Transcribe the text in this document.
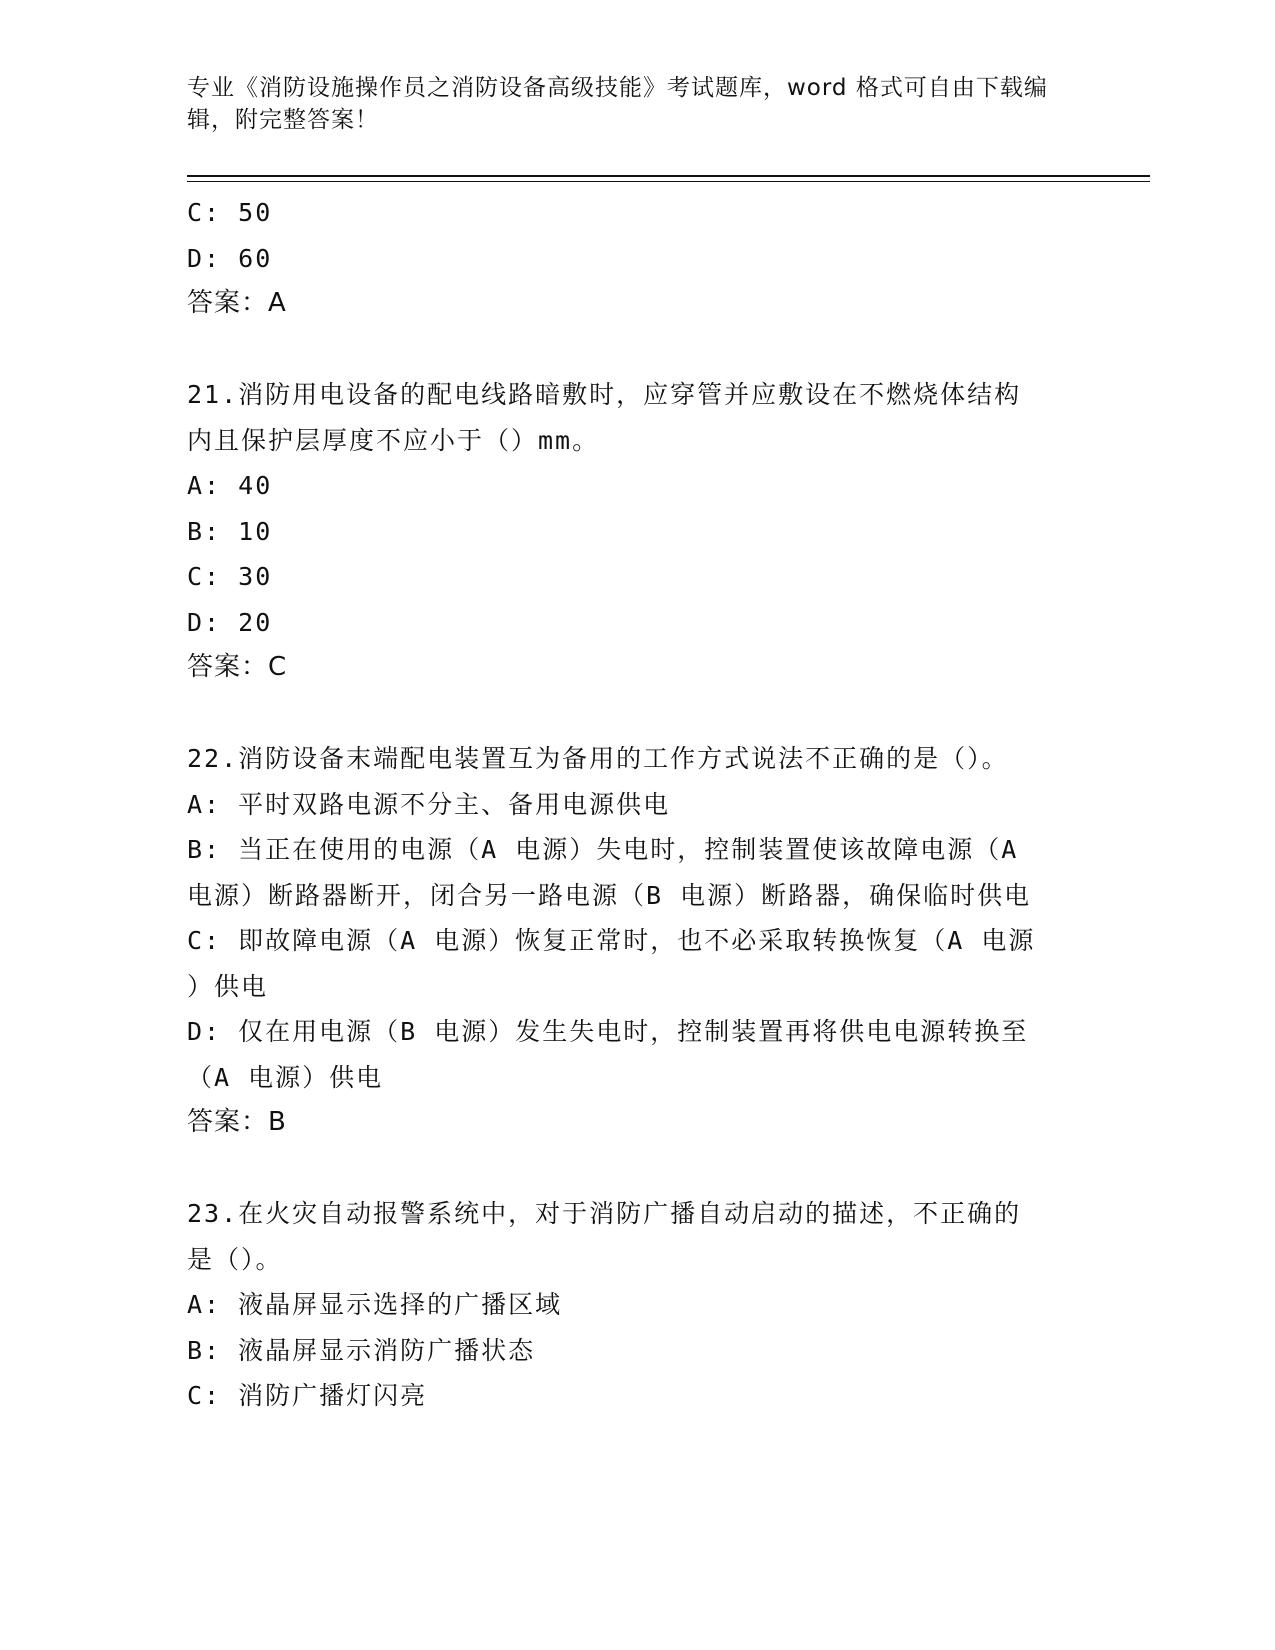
专业《消防设施操作员之消防设备高级技能》考试题库，word 格式可自由下载编
辑，附完整答案！
C: 50
D: 60
答案：A
21.消防用电设备的配电线路暗敷时，应穿管并应敷设在不燃烧体结构
内且保护层厚度不应小于（）mm。
A: 40
B: 10
C: 30
D: 20
答案：C
22.消防设备末端配电装置互为备用的工作方式说法不正确的是（）。
A: 平时双路电源不分主、备用电源供电
B: 当正在使用的电源（A 电源）失电时，控制装置使该故障电源（A
电源）断路器断开，闭合另一路电源（B 电源）断路器，确保临时供电
C: 即故障电源（A 电源）恢复正常时，也不必采取转换恢复（A 电源
）供电
D: 仅在用电源（B 电源）发生失电时，控制装置再将供电电源转换至
（A 电源）供电
答案：B
23.在火灾自动报警系统中，对于消防广播自动启动的描述，不正确的
是（）。
A: 液晶屏显示选择的广播区域
B: 液晶屏显示消防广播状态
C: 消防广播灯闪亮
